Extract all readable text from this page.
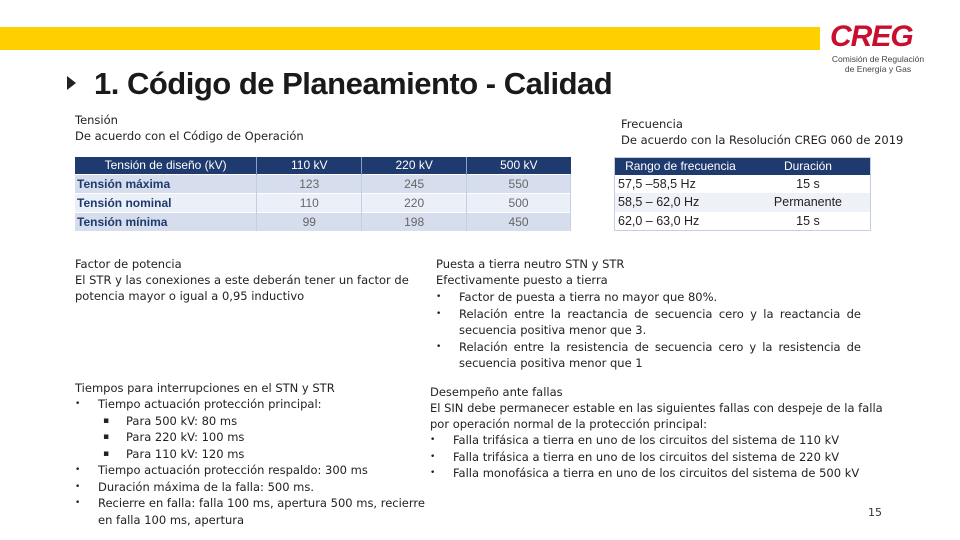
CREG
Comisión de Regulación
de Energía y Gas
1. Código de Planeamiento - Calidad
Tensión
De acuerdo con el Código de Operación
Tensión de diseño (kV)	110 kV	220 kV	500 kV
Tensión máxima	123	245	550
Tensión nominal	110	220	500
Tensión mínima	99	198	450
Frecuencia
De acuerdo con la Resolución CREG 060 de 2019
Rango de frecuencia	Duración
57,5 –58,5 Hz	15 s
58,5 – 62,0 Hz	Permanente
62,0 – 63,0 Hz	15 s
Factor de potencia
El STR y las conexiones a este deberán tener un factor de
potencia mayor o igual a 0,95 inductivo
Puesta a tierra neutro STN y STR
Efectivamente puesto a tierra
• Factor de puesta a tierra no mayor que 80%.
• Relación entre la reactancia de secuencia cero y la reactancia de secuencia positiva menor que 3.
• Relación entre la resistencia de secuencia cero y la resistencia de secuencia positiva menor que 1
Tiempos para interrupciones en el STN y STR
• Tiempo actuación protección principal:
▪ Para 500 kV: 80 ms
▪ Para 220 kV: 100 ms
▪ Para 110 kV: 120 ms
• Tiempo actuación protección respaldo: 300 ms
• Duración máxima de la falla: 500 ms.
• Recierre en falla: falla 100 ms, apertura 500 ms, recierre
en falla 100 ms, apertura
Desempeño ante fallas
El SIN debe permanecer estable en las siguientes fallas con despeje de la falla
por operación normal de la protección principal:
• Falla trifásica a tierra en uno de los circuitos del sistema de 110 kV
• Falla trifásica a tierra en uno de los circuitos del sistema de 220 kV
• Falla monofásica a tierra en uno de los circuitos del sistema de 500 kV
15
